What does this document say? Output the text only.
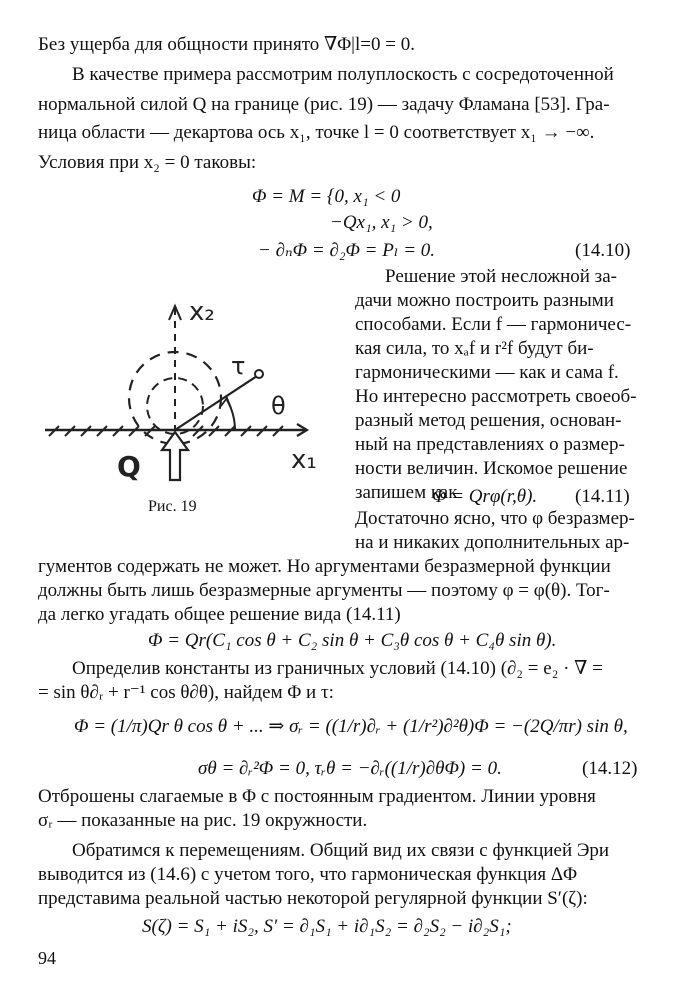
Без ущерба для общности принято ∇Φ|l=0 = 0.
В качестве примера рассмотрим полуплоскость с сосредоточенной
нормальной силой Q на границе (рис. 19) — задачу Фламана [53]. Гра-
ница области — декартова ось x₁, точке l = 0 соответствует x₁ → −∞.
Условия при x₂ = 0 таковы:
Φ = M = {0, x₁ < 0
−Qx₁, x₁ > 0,
− ∂ₙΦ = ∂₂Φ = Pₗ = 0.	(14.10)
Решение этой несложной за-
дачи можно построить разными
способами. Если f — гармоничес-
кая сила, то xₐf и r²f будут би-
гармоническими — как и сама f.
Но интересно рассмотреть своеоб-
разный метод решения, основан-
ный на представлениях о размер-
ности величин. Искомое решение
запишем как
Φ = Qrφ(r,θ). (14.11)
Достаточно ясно, что φ безразмер-
на и никаких дополнительных ар-
x₂
τ
θ
x₁
Q
Рис. 19
гументов содержать не может. Но аргументами безразмерной функции
должны быть лишь безразмерные аргументы — поэтому φ = φ(θ). Тог-
да легко угадать общее решение вида (14.11)
Φ = Qr(C₁ cos θ + C₂ sin θ + C₃θ cos θ + C₄θ sin θ).
Определив константы из граничных условий (14.10) (∂₂ = e₂ · ∇ =
= sin θ∂ᵣ + r⁻¹ cos θ∂θ), найдем Φ и τ:
Φ = (1/π)Qr θ cos θ + ... ⇒ σᵣ = ((1/r)∂ᵣ + (1/r²)∂²θ)Φ = −(2Q/πr) sin θ,
σθ = ∂ᵣ²Φ = 0, τᵣθ = −∂ᵣ((1/r)∂θΦ) = 0.	(14.12)
Отброшены слагаемые в Φ с постоянным градиентом. Линии уровня
σᵣ — показанные на рис. 19 окружности.
Обратимся к перемещениям. Общий вид их связи с функцией Эри
выводится из (14.6) с учетом того, что гармоническая функция ΔΦ
представима реальной частью некоторой регулярной функции S′(ζ):
S(ζ) = S₁ + iS₂, S′ = ∂₁S₁ + i∂₁S₂ = ∂₂S₂ − i∂₂S₁;
94
